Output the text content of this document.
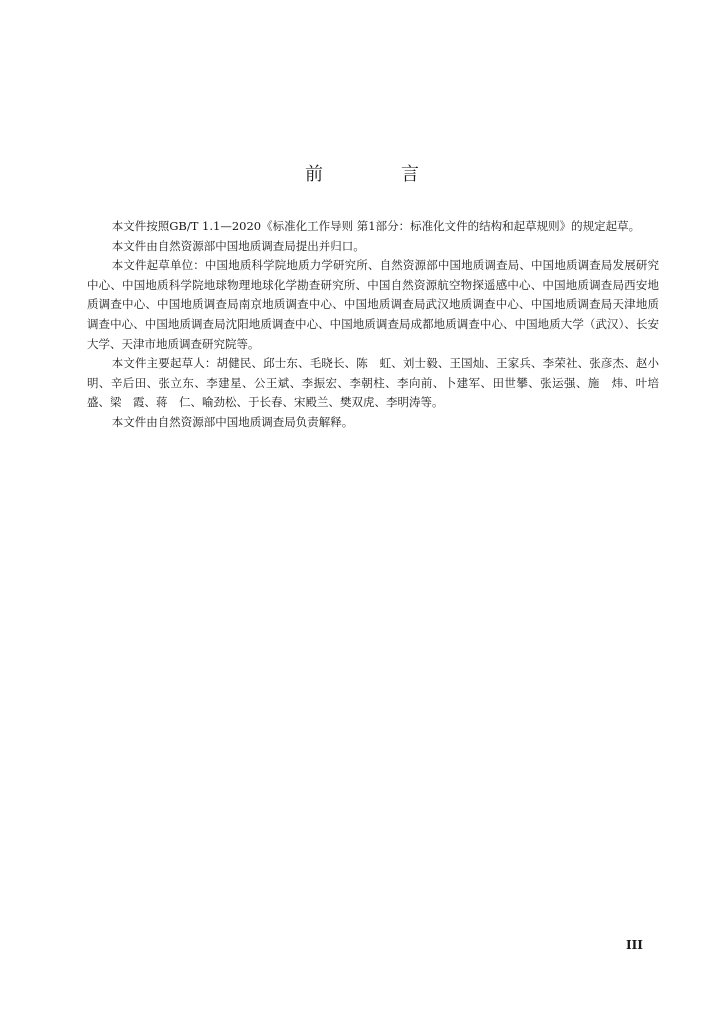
前　言

本文件按照GB/T 1.1—2020《标准化工作导则 第1部分：标准化文件的结构和起草规则》的规定起草。

本文件由自然资源部中国地质调查局提出并归口。

本文件起草单位：中国地质科学院地质力学研究所、自然资源部中国地质调查局、中国地质调查局发展研究中心、中国地质科学院地球物理地球化学勘查研究所、中国自然资源航空物探遥感中心、中国地质调查局西安地质调查中心、中国地质调查局南京地质调查中心、中国地质调查局武汉地质调查中心、中国地质调查局天津地质调查中心、中国地质调查局沈阳地质调查中心、中国地质调查局成都地质调查中心、中国地质大学（武汉）、长安大学、天津市地质调查研究院等。

本文件主要起草人：胡健民、邱士东、毛晓长、陈　虹、刘士毅、王国灿、王家兵、李荣社、张彦杰、赵小明、辛后田、张立东、李建星、公王斌、李振宏、李朝柱、李向前、卜建军、田世攀、张运强、施　炜、叶培盛、梁　霞、蒋　仁、喻劲松、于长春、宋殿兰、樊双虎、李明涛等。

本文件由自然资源部中国地质调查局负责解释。

III
